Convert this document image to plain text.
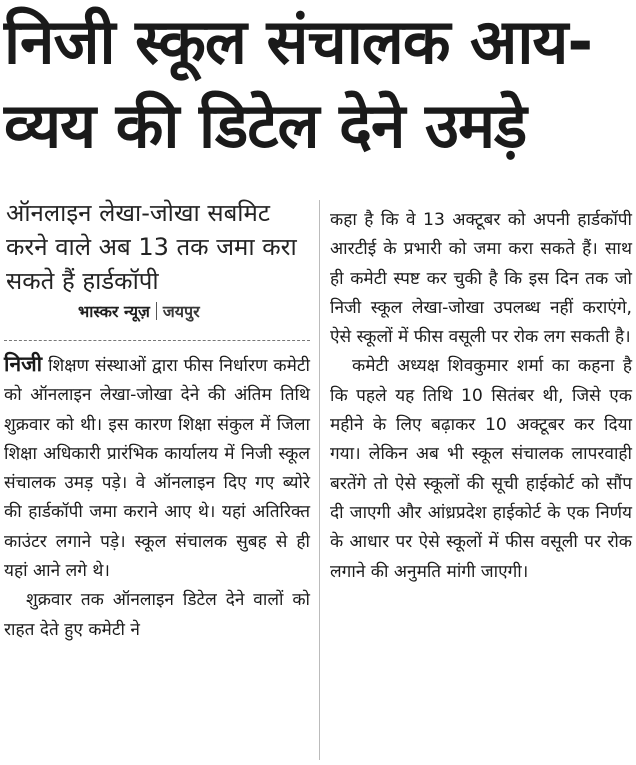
निजी स्कूल संचालक आय-
व्यय की डिटेल देने उमड़े

ऑनलाइन लेखा-जोखा सबमिट करने वाले अब 13 तक जमा करा सकते हैं हार्डकॉपी

भास्कर न्यूज़ जयपुर

निजी शिक्षण संस्थाओं द्वारा फीस निर्धारण कमेटी को ऑनलाइन लेखा-जोखा देने की अंतिम तिथि शुक्रवार को थी। इस कारण शिक्षा संकुल में जिला शिक्षा अधिकारी प्रारंभिक कार्यालय में निजी स्कूल संचालक उमड़ पड़े। वे ऑनलाइन दिए गए ब्योरे की हार्डकॉपी जमा कराने आए थे। यहां अतिरिक्त काउंटर लगाने पड़े। स्कूल संचालक सुबह से ही यहां आने लगे थे।

शुक्रवार तक ऑनलाइन डिटेल देने वालों को राहत देते हुए कमेटी ने

कहा है कि वे 13 अक्टूबर को अपनी हार्डकॉपी आरटीई के प्रभारी को जमा करा सकते हैं। साथ ही कमेटी स्पष्ट कर चुकी है कि इस दिन तक जो निजी स्कूल लेखा-जोखा उपलब्ध नहीं कराएंगे, ऐसे स्कूलों में फीस वसूली पर रोक लग सकती है।

कमेटी अध्यक्ष शिवकुमार शर्मा का कहना है कि पहले यह तिथि 10 सितंबर थी, जिसे एक महीने के लिए बढ़ाकर 10 अक्टूबर कर दिया गया। लेकिन अब भी स्कूल संचालक लापरवाही बरतेंगे तो ऐसे स्कूलों की सूची हाईकोर्ट को सौंप दी जाएगी और आंध्रप्रदेश हाईकोर्ट के एक निर्णय के आधार पर ऐसे स्कूलों में फीस वसूली पर रोक लगाने की अनुमति मांगी जाएगी।
